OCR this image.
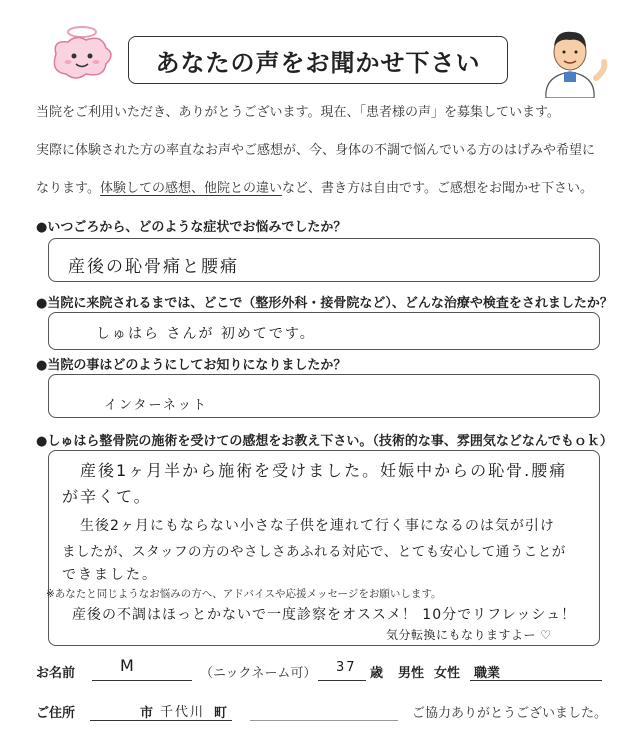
あなたの声をお聞かせ下さい
当院をご利用いただき、ありがとうございます。現在、「患者様の声」を募集しています。
実際に体験された方の率直なお声やご感想が、今、身体の不調で悩んでいる方のはげみや希望に
なります。体験しての感想、他院との違いなど、書き方は自由です。ご感想をお聞かせ下さい。
●いつごろから、どのような症状でお悩みでしたか？
産後の恥骨痛と腰痛
●当院に来院されるまでは、どこで（整形外科・接骨院など）、どんな治療や検査をされましたか？
しゅはら さんが 初めてです。
●当院の事はどのようにしてお知りになりましたか？
インターネット
●しゅはら整骨院の施術を受けての感想をお教え下さい。（技術的な事、雰囲気などなんでもｏｋ）
産後1ヶ月半から施術を受けました。妊娠中からの恥骨.腰痛
が辛くて。
生後2ヶ月にもならない小さな子供を連れて行く事になるのは気が引け
ましたが、スタッフの方のやさしさあふれる対応で、とても安心して通うことが
できました。
※あなたと同じようなお悩みの方へ、アドバイスや応援メッセージをお願いします。
産後の不調はほっとかないで一度診察をオススメ！ 10分でリフレッシュ！
気分転換にもなりますよー ♡
お名前	M	（ニックネーム可） 37 歳 男性 女性 職業
ご住所	市 千代川 町	ご協力ありがとうございました。
